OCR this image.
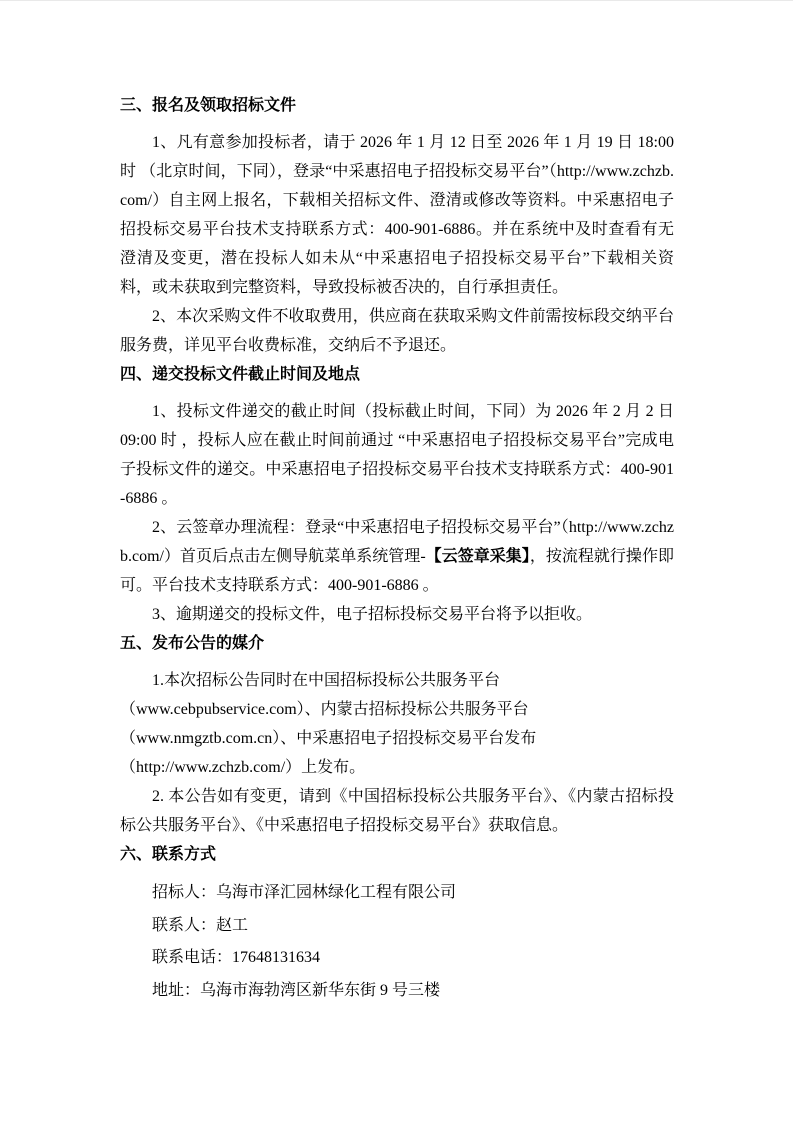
三、报名及领取招标文件

1、凡有意参加投标者，请于 2026 年 1 月 12 日至 2026 年 1 月 19 日 18:00 时 （北京时间，下同），登录“中采惠招电子招投标交易平台”（http://www.zchzb.com/）自主网上报名，下载相关招标文件、澄清或修改等资料。中采惠招电子招投标交易平台技术支持联系方式：400-901-6886。并在系统中及时查看有无澄清及变更，潜在投标人如未从“中采惠招电子招投标交易平台”下载相关资料，或未获取到完整资料，导致投标被否决的，自行承担责任。

2、本次采购文件不收取费用，供应商在获取采购文件前需按标段交纳平台服务费，详见平台收费标准，交纳后不予退还。

四、递交投标文件截止时间及地点

1、投标文件递交的截止时间（投标截止时间，下同）为 2026 年 2 月 2 日 09:00 时 ，投标人应在截止时间前通过 “中采惠招电子招投标交易平台”完成电子投标文件的递交。中采惠招电子招投标交易平台技术支持联系方式：400-901-6886 。

2、云签章办理流程：登录“中采惠招电子招投标交易平台”（http://www.zchzb.com/）首页后点击左侧导航菜单系统管理-【云签章采集】，按流程就行操作即可。平台技术支持联系方式：400-901-6886 。

3、逾期递交的投标文件，电子招标投标交易平台将予以拒收。

五、发布公告的媒介
1.本次招标公告同时在中国招标投标公共服务平台
（www.cebpubservice.com）、内蒙古招标投标公共服务平台
（www.nmgztb.com.cn）、中采惠招电子招投标交易平台发布
（http://www.zchzb.com/）上发布。

2. 本公告如有变更，请到《中国招标投标公共服务平台》、《内蒙古招标投标公共服务平台》、《中采惠招电子招投标交易平台》获取信息。

六、联系方式
招标人：乌海市泽汇园林绿化工程有限公司
联系人：赵工
联系电话：17648131634
地址：乌海市海勃湾区新华东街 9 号三楼
